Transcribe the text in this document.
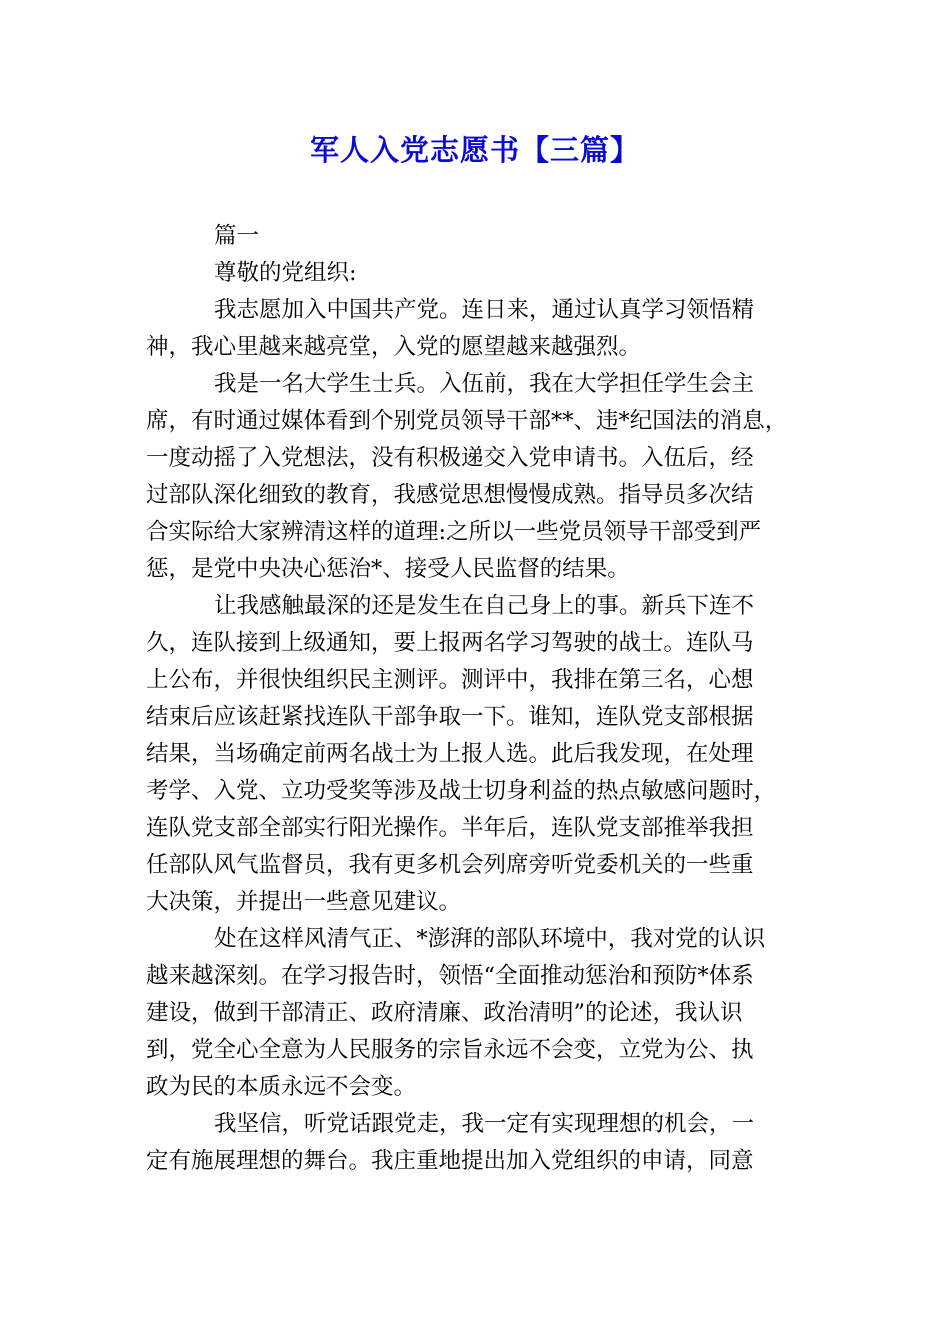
军人入党志愿书【三篇】
篇一
尊敬的党组织:
我志愿加入中国共产党。连日来，通过认真学习领悟精
神，我心里越来越亮堂，入党的愿望越来越强烈。
我是一名大学生士兵。入伍前，我在大学担任学生会主
席，有时通过媒体看到个别党员领导干部**、违*纪国法的消息，
一度动摇了入党想法，没有积极递交入党申请书。入伍后，经
过部队深化细致的教育，我感觉思想慢慢成熟。指导员多次结
合实际给大家辨清这样的道理:之所以一些党员领导干部受到严
惩，是党中央决心惩治*、接受人民监督的结果。
让我感触最深的还是发生在自己身上的事。新兵下连不
久，连队接到上级通知，要上报两名学习驾驶的战士。连队马
上公布，并很快组织民主测评。测评中，我排在第三名，心想
结束后应该赶紧找连队干部争取一下。谁知，连队党支部根据
结果，当场确定前两名战士为上报人选。此后我发现，在处理
考学、入党、立功受奖等涉及战士切身利益的热点敏感问题时，
连队党支部全部实行阳光操作。半年后，连队党支部推举我担
任部队风气监督员，我有更多机会列席旁听党委机关的一些重
大决策，并提出一些意见建议。
处在这样风清气正、*澎湃的部队环境中，我对党的认识
越来越深刻。在学习报告时，领悟“全面推动惩治和预防*体系
建设，做到干部清正、政府清廉、政治清明”的论述，我认识
到，党全心全意为人民服务的宗旨永远不会变，立党为公、执
政为民的本质永远不会变。
我坚信，听党话跟党走，我一定有实现理想的机会，一
定有施展理想的舞台。我庄重地提出加入党组织的申请，同意
